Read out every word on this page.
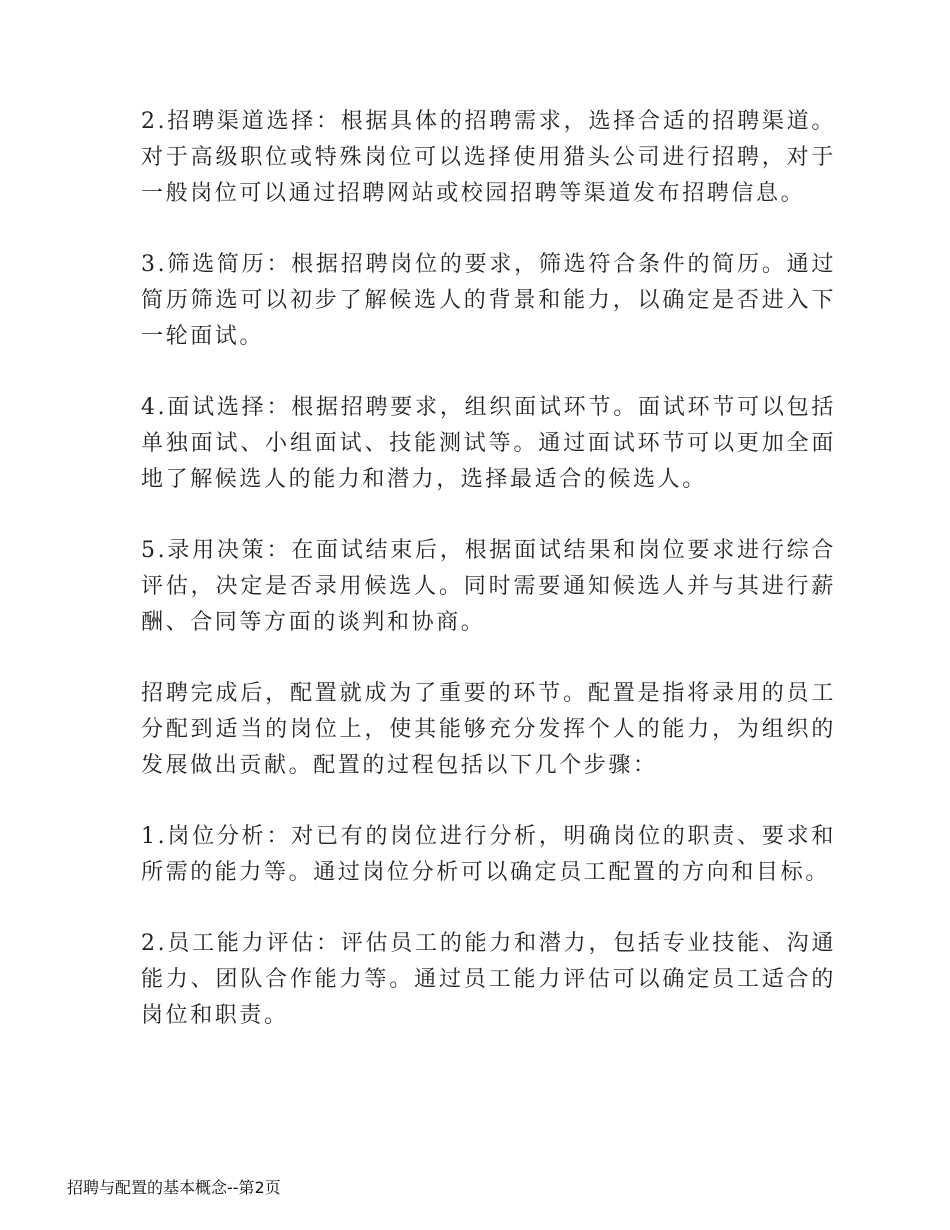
2.招聘渠道选择：根据具体的招聘需求，选择合适的招聘渠道。对于高级职位或特殊岗位可以选择使用猎头公司进行招聘，对于一般岗位可以通过招聘网站或校园招聘等渠道发布招聘信息。

3.筛选简历：根据招聘岗位的要求，筛选符合条件的简历。通过简历筛选可以初步了解候选人的背景和能力，以确定是否进入下一轮面试。

4.面试选择：根据招聘要求，组织面试环节。面试环节可以包括单独面试、小组面试、技能测试等。通过面试环节可以更加全面地了解候选人的能力和潜力，选择最适合的候选人。

5.录用决策：在面试结束后，根据面试结果和岗位要求进行综合评估，决定是否录用候选人。同时需要通知候选人并与其进行薪酬、合同等方面的谈判和协商。

招聘完成后，配置就成为了重要的环节。配置是指将录用的员工分配到适当的岗位上，使其能够充分发挥个人的能力，为组织的发展做出贡献。配置的过程包括以下几个步骤：

1.岗位分析：对已有的岗位进行分析，明确岗位的职责、要求和所需的能力等。通过岗位分析可以确定员工配置的方向和目标。

2.员工能力评估：评估员工的能力和潜力，包括专业技能、沟通能力、团队合作能力等。通过员工能力评估可以确定员工适合的岗位和职责。

招聘与配置的基本概念--第2页
